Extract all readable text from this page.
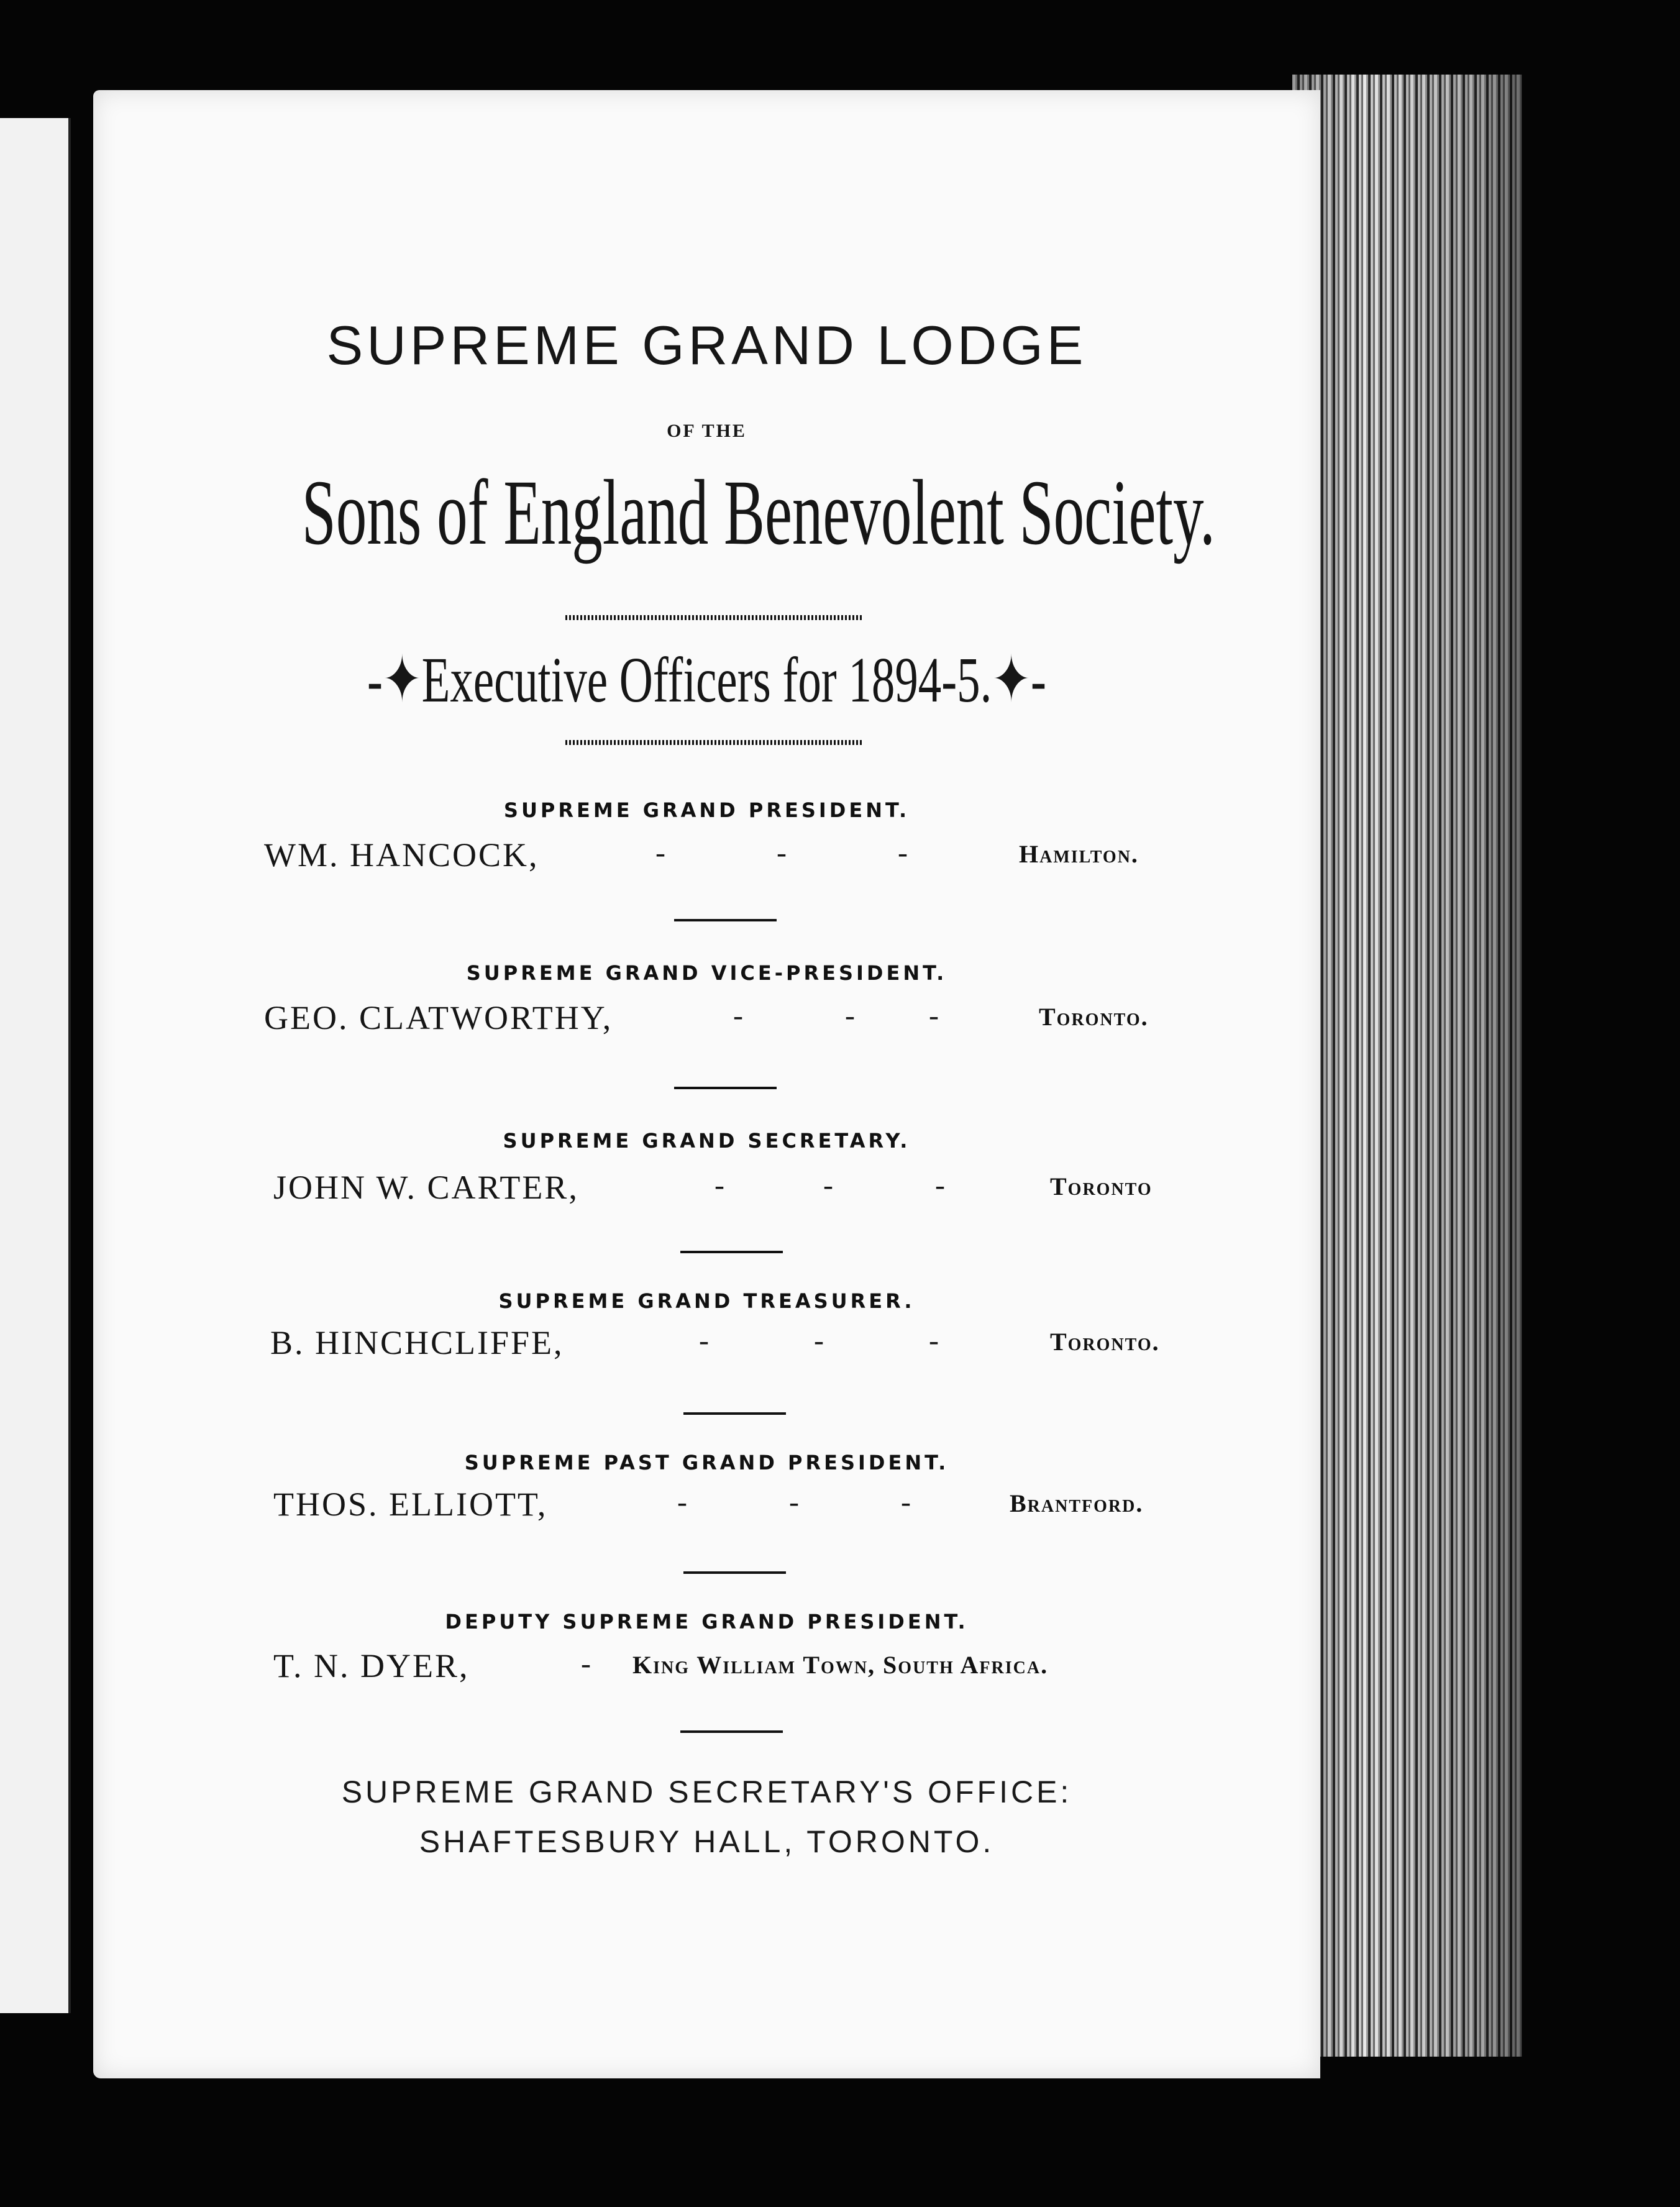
SUPREME GRAND LODGE
OF THE
Sons of England Benevolent Society.
-✦Executive Officers for 1894-5.✦-
SUPREME GRAND PRESIDENT.
WM. HANCOCK,	-	-	-	Hamilton.
SUPREME GRAND VICE-PRESIDENT.
GEO. CLATWORTHY,	-	- -	Toronto.
SUPREME GRAND SECRETARY.
JOHN W. CARTER,	-	-	-	Toronto
SUPREME GRAND TREASURER.
B. HINCHCLIFFE,	-	-	-	Toronto.
SUPREME PAST GRAND PRESIDENT.
THOS. ELLIOTT,	-	-	-	Brantford.
DEPUTY SUPREME GRAND PRESIDENT.
T. N. DYER,	- King William Town, South Africa.
SUPREME GRAND SECRETARY'S OFFICE:
SHAFTESBURY HALL, TORONTO.
